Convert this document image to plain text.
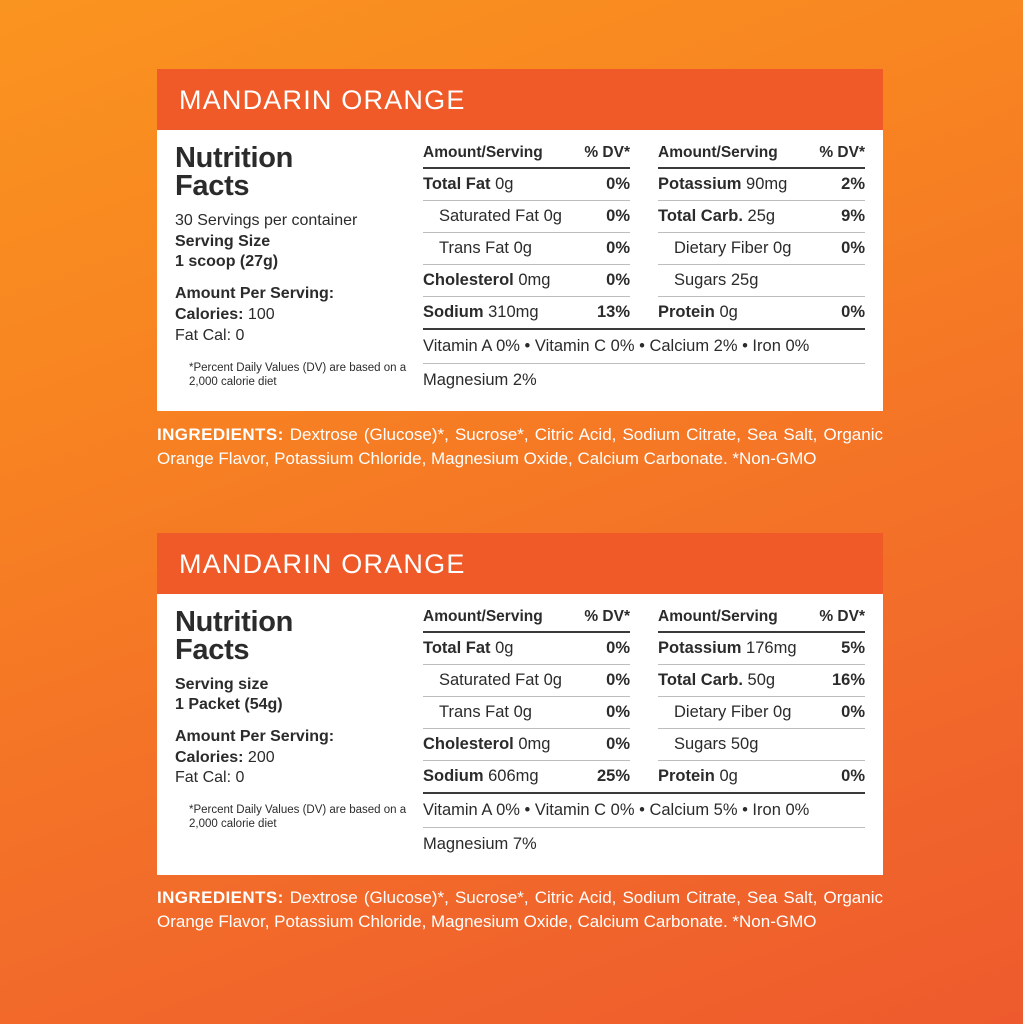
MANDARIN ORANGE
Nutrition
Facts
30 Servings per container
Serving Size
1 scoop (27g)
Amount Per Serving:
Calories: 100
Fat Cal: 0
*Percent Daily Values (DV) are based on a 2,000 calorie diet
Amount/Serving	% DV*
Total Fat 0g	0%
Saturated Fat 0g	0%
Trans Fat 0g	0%
Cholesterol 0mg	0%
Sodium 310mg	13%
Amount/Serving	% DV*
Potassium 90mg	2%
Total Carb. 25g	9%
Dietary Fiber 0g	0%
Sugars 25g
Protein 0g	0%
Vitamin A 0% • Vitamin C 0% • Calcium 2% • Iron 0%
Magnesium 2%
INGREDIENTS: Dextrose (Glucose)*, Sucrose*, Citric Acid, Sodium Citrate, Sea Salt, Organic Orange Flavor, Potassium Chloride, Magnesium Oxide, Calcium Carbonate. *Non-GMO
MANDARIN ORANGE
Nutrition
Facts
Serving size
1 Packet (54g)
Amount Per Serving:
Calories: 200
Fat Cal: 0
*Percent Daily Values (DV) are based on a 2,000 calorie diet
Amount/Serving	% DV*
Total Fat 0g	0%
Saturated Fat 0g	0%
Trans Fat 0g	0%
Cholesterol 0mg	0%
Sodium 606mg	25%
Amount/Serving	% DV*
Potassium 176mg	5%
Total Carb. 50g	16%
Dietary Fiber 0g	0%
Sugars 50g
Protein 0g	0%
Vitamin A 0% • Vitamin C 0% • Calcium 5% • Iron 0%
Magnesium 7%
INGREDIENTS: Dextrose (Glucose)*, Sucrose*, Citric Acid, Sodium Citrate, Sea Salt, Organic Orange Flavor, Potassium Chloride, Magnesium Oxide, Calcium Carbonate. *Non-GMO
